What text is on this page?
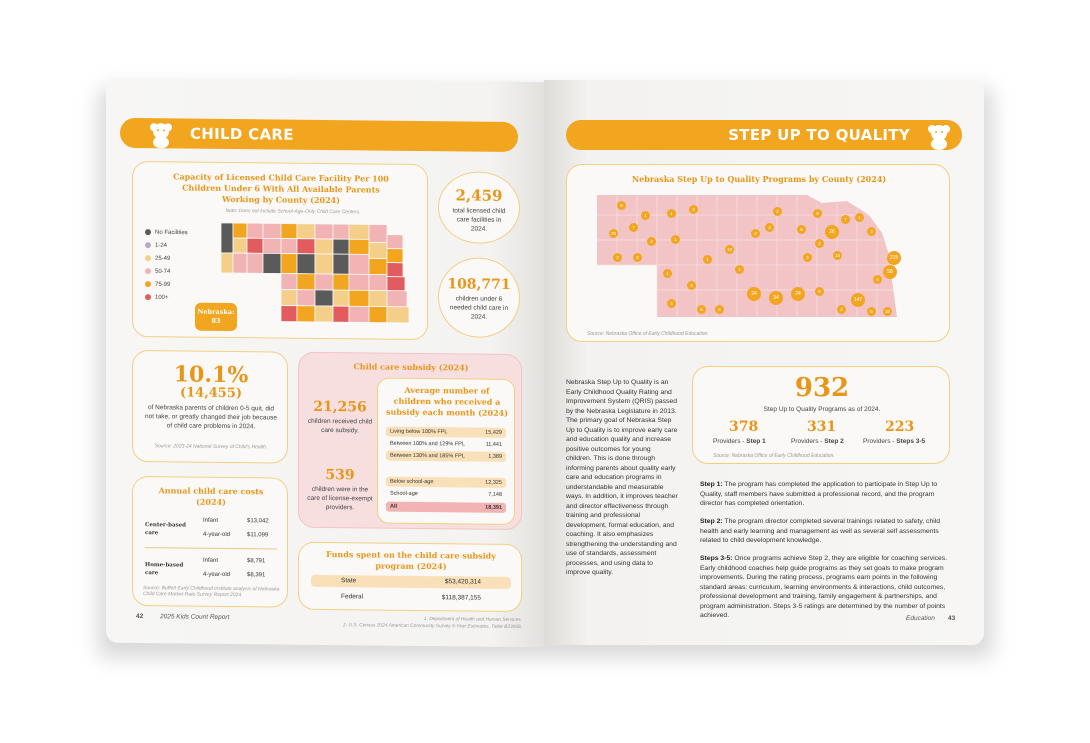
CHILD CARE
Capacity of Licensed Child Care Facility Per 100 Children Under 6 With All Available Parents Working by County (2024)
Note: Does not include School-Age-Only Child Care Centers.
No Facilities
1-24
25-49
50-74
75-99
100+
Nebraska:
83
2,459
total licensed child care facilities in 2024.
108,771
children under 6 needed child care in 2024.
10.1%
(14,455)
of Nebraska parents of children 0-5 quit, did not take, or greatly changed their job because of child care problems in 2024.
Source: 2023-24 National Survey of Child's Health.
Annual child care costs (2024)
Center-based care
Infant	$13,042
4-year-old	$11,099
Home-based care
Infant	$8,791
4-year-old	$8,391
Source: Buffett Early Childhood Institute analysis of Nebraska Child Care Market Rate Survey Report 2024.
Child care subsidy (2024)
21,256
children received child care subsidy.
539
children were in the care of license-exempt providers.
Average number of children who received a subsidy each month (2024)
Living below 100% FPL	15,429
Between 100% and 129% FPL	11,441
Between 130% and 185% FPL	1,389
Below school-age	12,325
School-age	7,148
All	18,391
Funds spent on the child care subsidy program (2024)
State	$53,420,314
Federal	$118,387,155
42	2025 Kids Count Report	1. Department of Health and Human Services.
2. U.S. Census 2024 American Community Survey 5-Year Estimates, Table B23008.
STEP UP TO QUALITY
Nebraska Step Up to Quality Programs by County (2024)
8
1
25
7
4
2	2
1
3
1
1
3
4
1
10
1
6
24
2
3
2
34
24
5
9
26
7	1
3
15	215
58
147
4
6
3	5	10
6
2
3
Source: Nebraska Office of Early Childhood Education.
Nebraska Step Up to Quality is an Early Childhood Quality Rating and Improvement System (QRIS) passed by the Nebraska Legislature in 2013. The primary goal of Nebraska Step Up to Quality is to improve early care and education quality and increase positive outcomes for young children. This is done through informing parents about quality early care and education programs in understandable and measurable ways. In addition, it improves teacher and director effectiveness through training and professional development, formal education, and coaching. It also emphasizes strengthening the understanding and use of standards, assessment processes, and using data to improve quality.
932
Step Up to Quality Programs as of 2024.
378
Providers - Step 1
331
Providers - Step 2
223
Providers - Steps 3-5
Source: Nebraska Office of Early Childhood Education.
Step 1: The program has completed the application to participate in Step Up to Quality, staff members have submitted a professional record, and the program director has completed orientation.
Step 2: The program director completed several trainings related to safety, child health and early learning and management as well as several self assessments related to child development knowledge.
Steps 3-5: Once programs achieve Step 2, they are eligible for coaching services. Early childhood coaches help guide programs as they set goals to make program improvements. During the rating process, programs earn points in the following standard areas: curriculum, learning environments & interactions, child outcomes, professional development and training, family engagement & partnerships, and program administration. Steps 3-5 ratings are determined by the number of points achieved.	Education 43
